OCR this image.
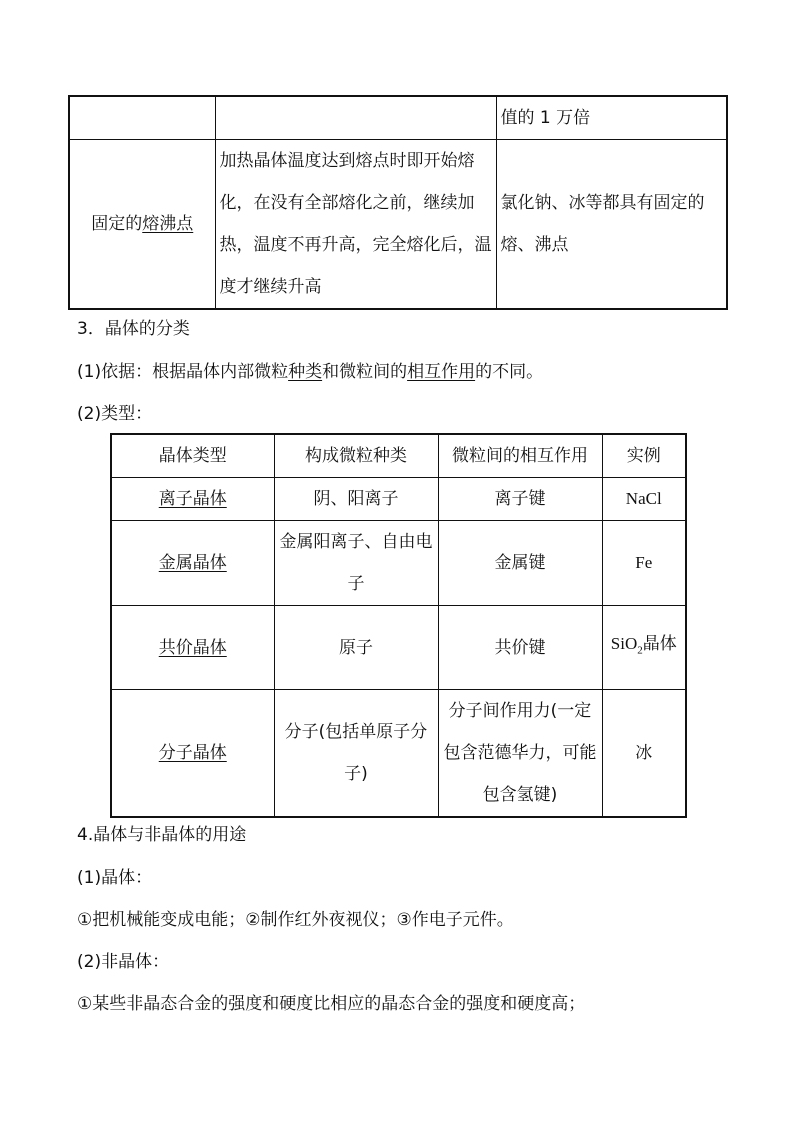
		值的 1 万倍
固定的熔沸点	加热晶体温度达到熔点时即开始熔化，在没有全部熔化之前，继续加热，温度不再升高，完全熔化后，温度才继续升高	氯化钠、冰等都具有固定的熔、沸点
3．晶体的分类
(1)依据：根据晶体内部微粒种类和微粒间的相互作用的不同。
(2)类型：
晶体类型	构成微粒种类	微粒间的相互作用	实例
离子晶体	阴、阳离子	离子键	NaCl
金属晶体	金属阳离子、自由电子	金属键	Fe
共价晶体	原子	共价键	SiO$_2$晶体
分子晶体	分子(包括单原子分子)	分子间作用力(一定包含范德华力，可能包含氢键)	冰
4.晶体与非晶体的用途
(1)晶体：
①把机械能变成电能；②制作红外夜视仪；③作电子元件。
(2)非晶体：
①某些非晶态合金的强度和硬度比相应的晶态合金的强度和硬度高；
